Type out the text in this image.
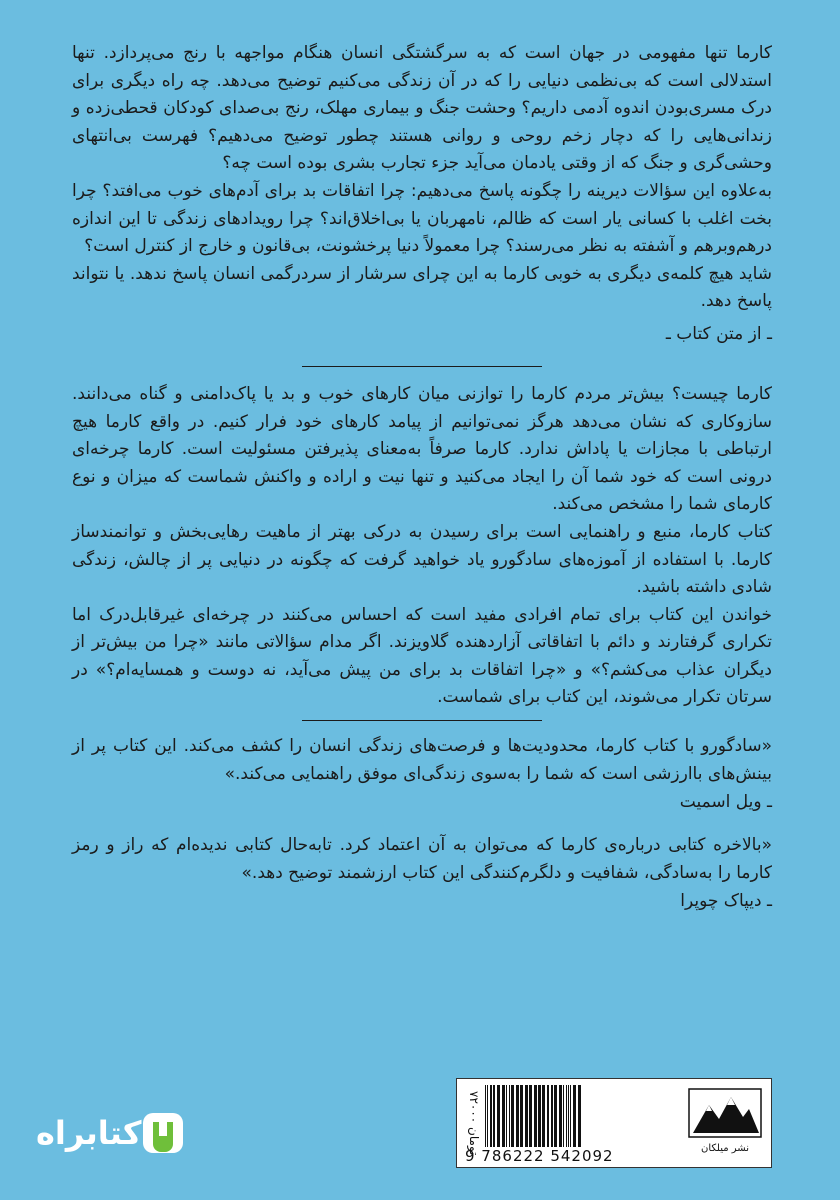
کارما تنها مفهومی در جهان است که به سرگشتگی انسان هنگام مواجهه با رنج می‌پردازد. تنها استدلالی است که بی‌نظمی دنیایی را که در آن زندگی می‌کنیم توضیح می‌دهد. چه راه دیگری برای درک مسری‌بودن اندوه آدمی داریم؟ وحشت جنگ و بیماری مهلک، رنج بی‌صدای کودکان قحطی‌زده و زندانی‌هایی را که دچار زخم روحی و روانی هستند چطور توضیح می‌دهیم؟ فهرست بی‌انتهای وحشی‌گری و جنگ که از وقتی یادمان می‌آید جزء تجارب بشری بوده است چه؟

به‌علاوه این سؤالات دیرینه را چگونه پاسخ می‌دهیم: چرا اتفاقات بد برای آدم‌های خوب می‌افتد؟ چرا بخت اغلب با کسانی یار است که ظالم، نامهربان یا بی‌اخلاق‌اند؟ چرا رویدادهای زندگی تا این اندازه درهم‌وبرهم و آشفته به نظر می‌رسند؟ چرا معمولاً دنیا پرخشونت، بی‌قانون و خارج از کنترل است؟

شاید هیچ کلمه‌ی دیگری به خوبی کارما به این چرای سرشار از سردرگمی انسان پاسخ ندهد. یا نتواند پاسخ دهد.

ـ از متن کتاب ـ

کارما چیست؟ بیش‌تر مردم کارما را توازنی میان کارهای خوب و بد یا پاک‌دامنی و گناه می‌دانند. سازوکاری که نشان می‌دهد هرگز نمی‌توانیم از پیامد کارهای خود فرار کنیم. در واقع کارما هیچ ارتباطی با مجازات یا پاداش ندارد. کارما صرفاً به‌معنای پذیرفتن مسئولیت است. کارما چرخه‌ای درونی است که خود شما آن را ایجاد می‌کنید و تنها نیت و اراده و واکنش شماست که میزان و نوع کارمای شما را مشخص می‌کند.

کتاب کارما، منبع و راهنمایی است برای رسیدن به درکی بهتر از ماهیت رهایی‌بخش و توانمندساز کارما. با استفاده از آموزه‌های سادگورو یاد خواهید گرفت که چگونه در دنیایی پر از چالش، زندگی شادی داشته باشید.

خواندن این کتاب برای تمام افرادی مفید است که احساس می‌کنند در چرخه‌ای غیرقابل‌درک اما تکراری گرفتارند و دائم با اتفاقاتی آزاردهنده گلاویزند. اگر مدام سؤالاتی مانند «چرا من بیش‌تر از دیگران عذاب می‌کشم؟» و «چرا اتفاقات بد برای من پیش می‌آید، نه دوست و همسایه‌ام؟» در سرتان تکرار می‌شوند، این کتاب برای شماست.

«سادگورو با کتاب کارما، محدودیت‌ها و فرصت‌های زندگی انسان را کشف می‌کند. این کتاب پر از بینش‌های باارزشی است که شما را به‌سوی زندگی‌ای موفق راهنمایی می‌کند.»

ـ ویل اسمیت

«بالاخره کتابی درباره‌ی کارما که می‌توان به آن اعتماد کرد. تابه‌حال کتابی ندیده‌ام که راز و رمز کارما را به‌سادگی، شفافیت و دلگرم‌کنندگی این کتاب ارزشمند توضیح دهد.»

ـ دیپاک چوپرا

۷۲۰۰۰ تومان
9 786222 542092	نشر میلکان
کتابراه
